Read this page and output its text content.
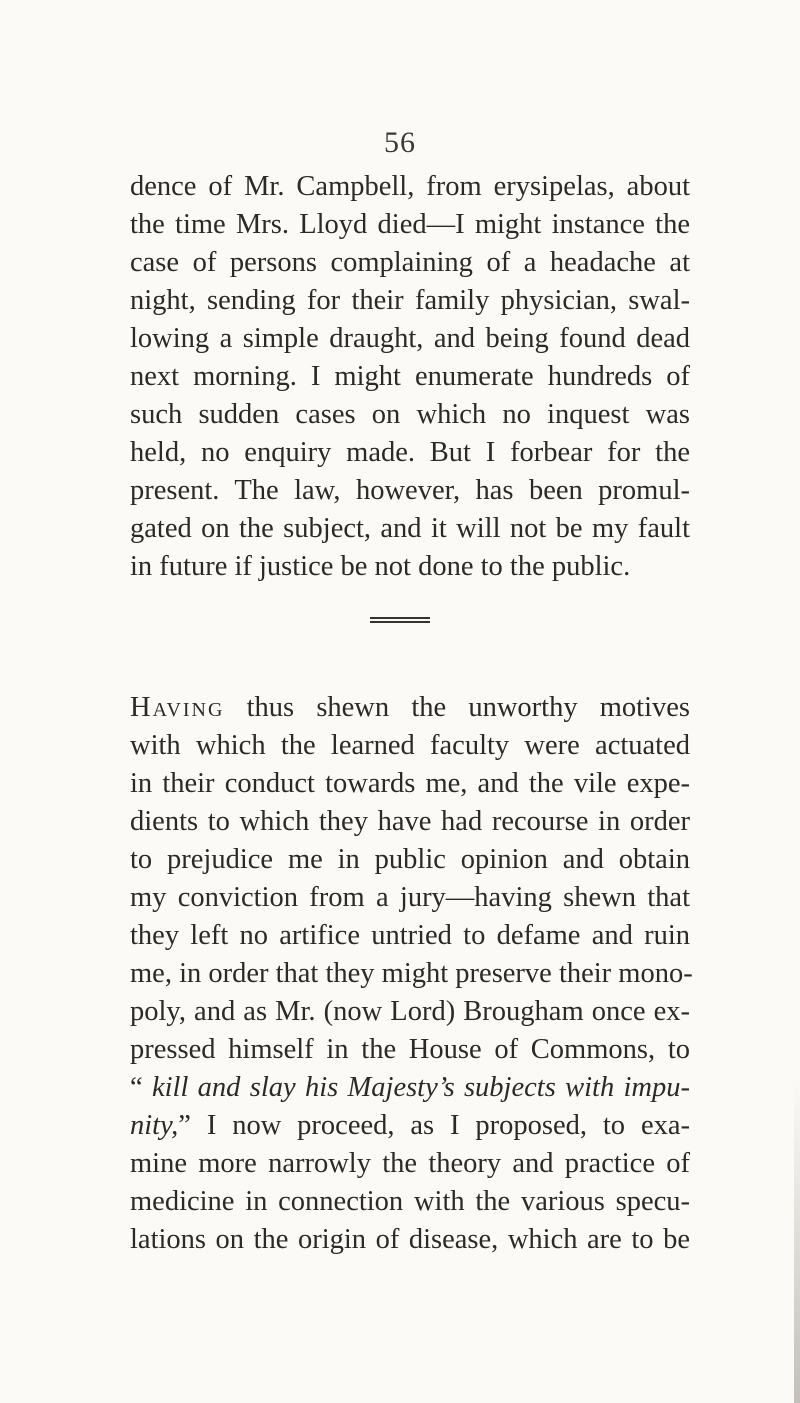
56

dence of Mr. Campbell, from erysipelas, about
the time Mrs. Lloyd died—I might instance the
case of persons complaining of a headache at
night, sending for their family physician, swal-
lowing a simple draught, and being found dead
next morning. I might enumerate hundreds of
such sudden cases on which no inquest was
held, no enquiry made. But I forbear for the
present. The law, however, has been promul-
gated on the subject, and it will not be my fault
in future if justice be not done to the public.

Having thus shewn the unworthy motives
with which the learned faculty were actuated
in their conduct towards me, and the vile expe-
dients to which they have had recourse in order
to prejudice me in public opinion and obtain
my conviction from a jury—having shewn that
they left no artifice untried to defame and ruin
me, in order that they might preserve their mono-
poly, and as Mr. (now Lord) Brougham once ex-
pressed himself in the House of Commons, to
“ kill and slay his Majesty’s subjects with impu-
nity,” I now proceed, as I proposed, to exa-
mine more narrowly the theory and practice of
medicine in connection with the various specu-
lations on the origin of disease, which are to be
